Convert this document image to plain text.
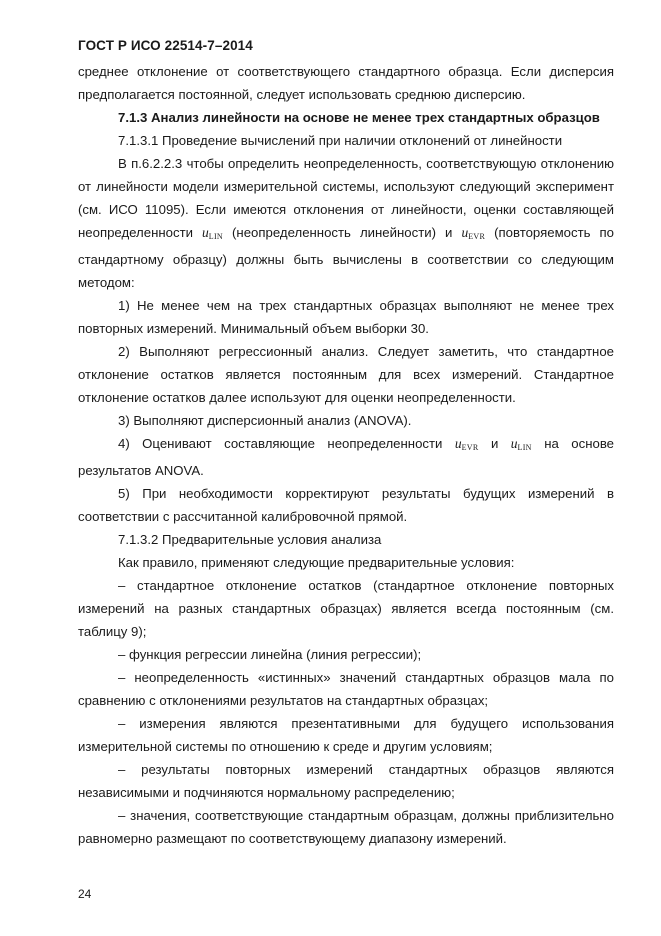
ГОСТ Р ИСО 22514-7–2014

среднее отклонение от соответствующего стандартного образца. Если дисперсия предполагается постоянной, следует использовать среднюю дисперсию.

7.1.3 Анализ линейности на основе не менее трех стандартных образцов

7.1.3.1 Проведение вычислений при наличии отклонений от линейности

В п.6.2.2.3 чтобы определить неопределенность, соответствующую отклонению от линейности модели измерительной системы, используют следующий эксперимент (см. ИСО 11095). Если имеются отклонения от линейности, оценки составляющей неопределенности $u_{LIN}$ (неопределенность линейности) и $u_{EVR}$ (повторяемость по стандартному образцу) должны быть вычислены в соответствии со следующим методом:

1) Не менее чем на трех стандартных образцах выполняют не менее трех повторных измерений. Минимальный объем выборки 30.

2) Выполняют регрессионный анализ. Следует заметить, что стандартное отклонение остатков является постоянным для всех измерений. Стандартное отклонение остатков далее используют для оценки неопределенности.

3) Выполняют дисперсионный анализ (ANOVA).

4) Оценивают составляющие неопределенности $u_{EVR}$ и $u_{LIN}$ на основе результатов ANOVA.

5) При необходимости корректируют результаты будущих измерений в соответствии с рассчитанной калибровочной прямой.

7.1.3.2 Предварительные условия анализа

Как правило, применяют следующие предварительные условия:

– стандартное отклонение остатков (стандартное отклонение повторных измерений на разных стандартных образцах) является всегда постоянным (см. таблицу 9);

– функция регрессии линейна (линия регрессии);

– неопределенность «истинных» значений стандартных образцов мала по сравнению с отклонениями результатов на стандартных образцах;

– измерения являются презентативными для будущего использования измерительной системы по отношению к среде и другим условиям;

– результаты повторных измерений стандартных образцов являются независимыми и подчиняются нормальному распределению;

– значения, соответствующие стандартным образцам, должны приблизительно равномерно размещают по соответствующему диапазону измерений.

24
